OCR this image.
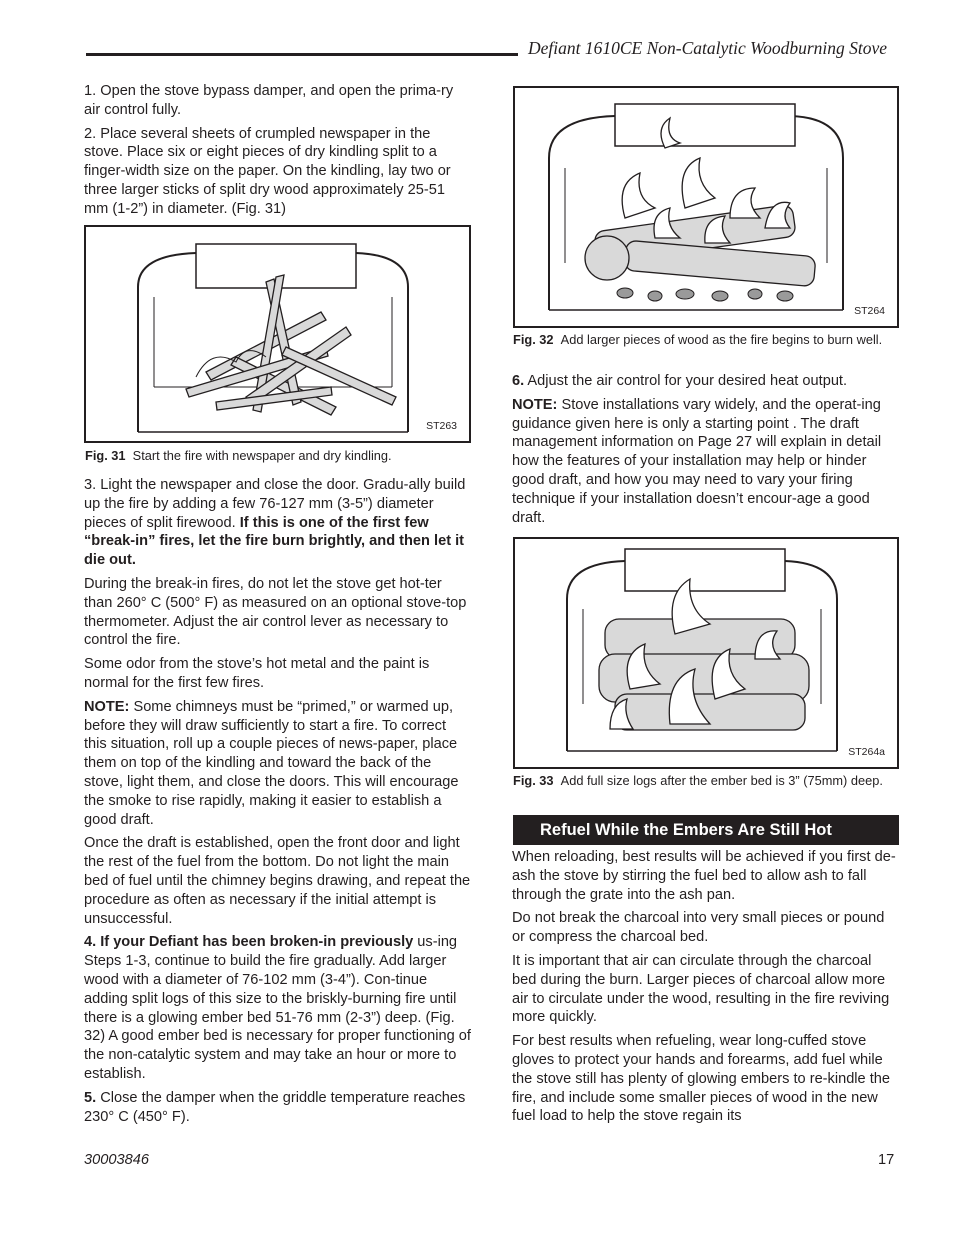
Defiant 1610CE Non-Catalytic Woodburning Stove

1. Open the stove bypass damper, and open the prima-ry air control fully.

2. Place several sheets of crumpled newspaper in the stove. Place six or eight pieces of dry kindling split to a finger-width size on the paper. On the kindling, lay two or three larger sticks of split dry wood approximately 25-51 mm (1-2”) in diameter. (Fig. 31)

ST263
Fig. 31 Start the fire with newspaper and dry kindling.

3. Light the newspaper and close the door. Gradu-ally build up the fire by adding a few 76-127 mm (3-5”) diameter pieces of split firewood. If this is one of the first few “break-in” fires, let the fire burn brightly, and then let it die out.

During the break-in fires, do not let the stove get hot-ter than 260° C (500° F) as measured on an optional stove-top thermometer. Adjust the air control lever as necessary to control the fire.

Some odor from the stove’s hot metal and the paint is normal for the first few fires.

NOTE: Some chimneys must be “primed,” or warmed up, before they will draw sufficiently to start a fire. To correct this situation, roll up a couple pieces of news-paper, place them on top of the kindling and toward the back of the stove, light them, and close the doors. This will encourage the smoke to rise rapidly, making it easier to establish a good draft.

Once the draft is established, open the front door and light the rest of the fuel from the bottom. Do not light the main bed of fuel until the chimney begins drawing, and repeat the procedure as often as necessary if the initial attempt is unsuccessful.

4. If your Defiant has been broken-in previously us-ing Steps 1-3, continue to build the fire gradually. Add larger wood with a diameter of 76-102 mm (3-4”). Con-tinue adding split logs of this size to the briskly-burning fire until there is a glowing ember bed 51-76 mm (2-3”) deep. (Fig. 32) A good ember bed is necessary for proper functioning of the non-catalytic system and may take an hour or more to establish.

5. Close the damper when the griddle temperature reaches 230° C (450° F).

ST264
Fig. 32 Add larger pieces of wood as the fire begins to burn well.

6. Adjust the air control for your desired heat output.

NOTE: Stove installations vary widely, and the operat-ing guidance given here is only a starting point . The draft management information on Page 27 will explain in detail how the features of your installation may help or hinder good draft, and how you may need to vary your firing technique if your installation doesn’t encour-age a good draft.

ST264a
Fig. 33 Add full size logs after the ember bed is 3” (75mm) deep.
Refuel While the Embers Are Still Hot

When reloading, best results will be achieved if you first de-ash the stove by stirring the fuel bed to allow ash to fall through the grate into the ash pan.

Do not break the charcoal into very small pieces or pound or compress the charcoal bed.

It is important that air can circulate through the charcoal bed during the burn. Larger pieces of charcoal allow more air to circulate under the wood, resulting in the fire reviving more quickly.

For best results when refueling, wear long-cuffed stove gloves to protect your hands and forearms, add fuel while the stove still has plenty of glowing embers to re-kindle the fire, and include some smaller pieces of wood in the new fuel load to help the stove regain its

30003846	17
